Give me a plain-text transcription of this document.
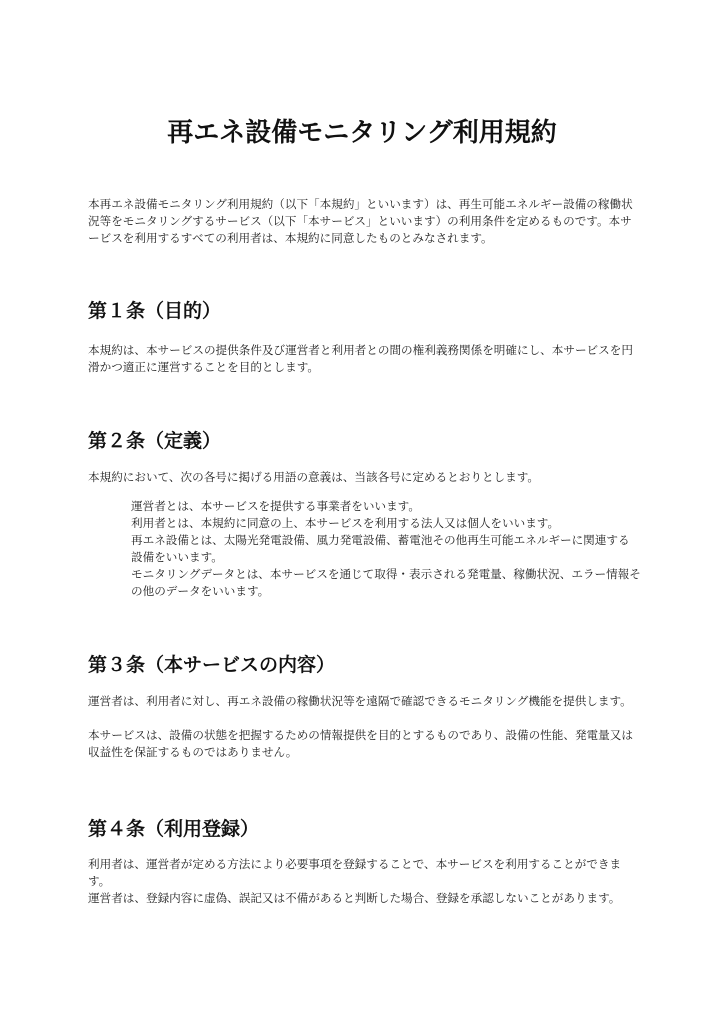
再エネ設備モニタリング利用規約

本再エネ設備モニタリング利用規約（以下「本規約」といいます）は、再生可能エネルギー設備の稼働状況等をモニタリングするサービス（以下「本サービス」といいます）の利用条件を定めるものです。本サービスを利用するすべての利用者は、本規約に同意したものとみなされます。

第１条（目的）

本規約は、本サービスの提供条件及び運営者と利用者との間の権利義務関係を明確にし、本サービスを円滑かつ適正に運営することを目的とします。

第２条（定義）

本規約において、次の各号に掲げる用語の意義は、当該各号に定めるとおりとします。

運営者とは、本サービスを提供する事業者をいいます。
利用者とは、本規約に同意の上、本サービスを利用する法人又は個人をいいます。
再エネ設備とは、太陽光発電設備、風力発電設備、蓄電池その他再生可能エネルギーに関連する設備をいいます。
モニタリングデータとは、本サービスを通じて取得・表示される発電量、稼働状況、エラー情報その他のデータをいいます。
第３条（本サービスの内容）

運営者は、利用者に対し、再エネ設備の稼働状況等を遠隔で確認できるモニタリング機能を提供します。

本サービスは、設備の状態を把握するための情報提供を目的とするものであり、設備の性能、発電量又は収益性を保証するものではありません。

第４条（利用登録）

利用者は、運営者が定める方法により必要事項を登録することで、本サービスを利用することができます。

運営者は、登録内容に虚偽、誤記又は不備があると判断した場合、登録を承認しないことがあります。
